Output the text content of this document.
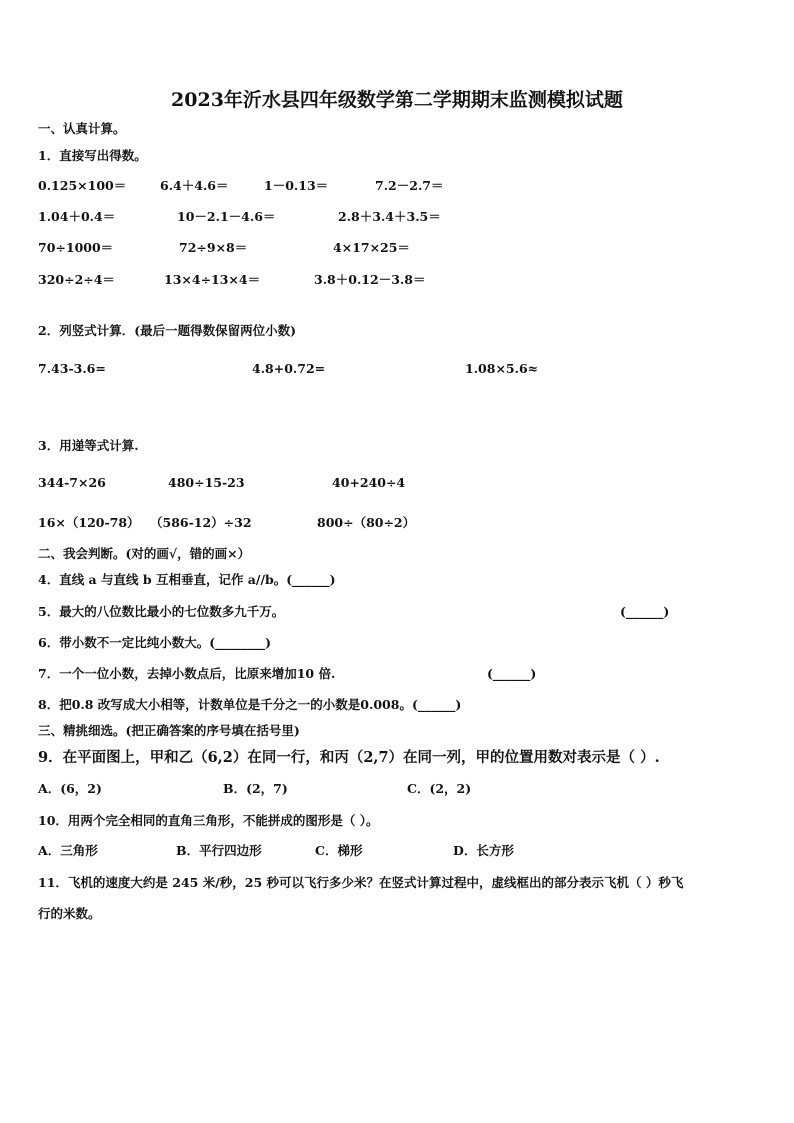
2023年沂水县四年级数学第二学期期末监测模拟试题
一、认真计算。
1．直接写出得数。
0.125×100＝	6.4＋4.6＝	1－0.13＝	7.2－2.7＝
1.04＋0.4＝	10－2.1－4.6＝	2.8＋3.4＋3.5＝
70÷1000＝	72÷9×8＝	4×17×25＝
320÷2÷4＝	13×4÷13×4＝	3.8＋0.12－3.8＝
2．列竖式计算．(最后一题得数保留两位小数)
7.43-3.6=	4.8+0.72=	1.08×5.6≈
3．用递等式计算.
344-7×26	480÷15-23	40+240÷4
16×（120-78） （586-12）÷32	800÷（80÷2）
二、我会判断。(对的画√，错的画×）
4．直线 a 与直线 b 互相垂直，记作 a//b。(______)
5．最大的八位数比最小的七位数多九千万。	(______)
6．带小数不一定比纯小数大。(________)
7．一个一位小数，去掉小数点后，比原来增加10 倍.	(______)
8．把0.8 改写成大小相等，计数单位是千分之一的小数是0.008。(______)
三、精挑细选。(把正确答案的序号填在括号里)
9．在平面图上，甲和乙（6,2）在同一行，和丙（2,7）在同一列，甲的位置用数对表示是（ ）.
A．(6，2)	B．(2，7)	C．(2，2)
10．用两个完全相同的直角三角形，不能拼成的图形是（ ）。
A．三角形	B．平行四边形	C．梯形	D．长方形
11．飞机的速度大约是 245 米/秒，25 秒可以飞行多少米？在竖式计算过程中，虚线框出的部分表示飞机（ ）秒飞
行的米数。
